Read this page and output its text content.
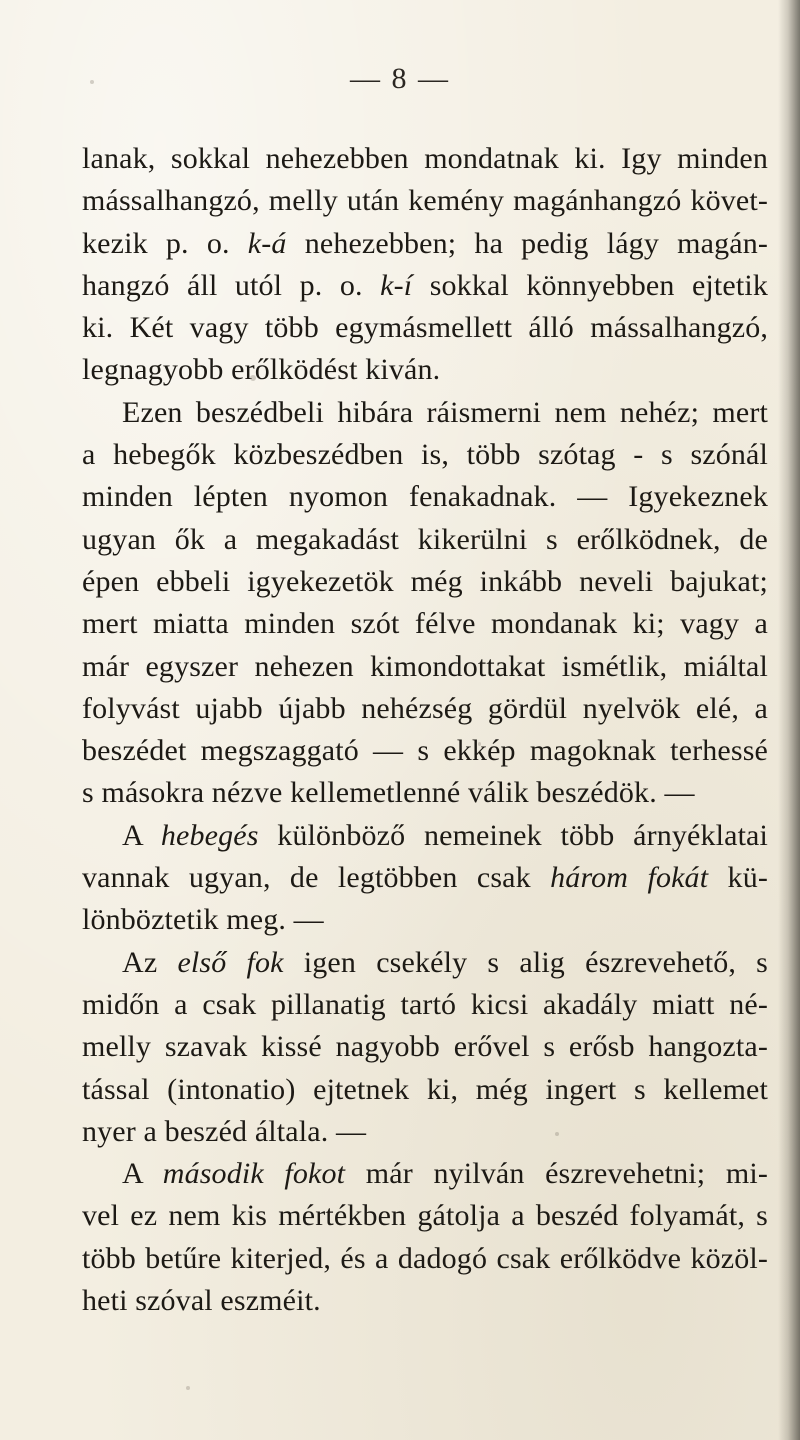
— 8 —
lanak, sokkal nehezebben mondatnak ki. Igy minden
mássalhangzó, melly után kemény magánhangzó követ-
kezik p. o. k-á nehezebben; ha pedig lágy magán-
hangzó áll utól p. o. k-í sokkal könnyebben ejtetik
ki. Két vagy több egymásmellett álló mássalhangzó,
legnagyobb erőlködést kiván.
Ezen beszédbeli hibára ráismerni nem nehéz; mert
a hebegők közbeszédben is, több szótag - s szónál
minden lépten nyomon fenakadnak. — Igyekeznek
ugyan ők a megakadást kikerülni s erőlködnek, de
épen ebbeli igyekezetök még inkább neveli bajukat;
mert miatta minden szót félve mondanak ki; vagy a
már egyszer nehezen kimondottakat ismétlik, miáltal
folyvást ujabb újabb nehézség gördül nyelvök elé, a
beszédet megszaggató — s ekkép magoknak terhessé
s másokra nézve kellemetlenné válik beszédök. —
A hebegés különböző nemeinek több árnyéklatai
vannak ugyan, de legtöbben csak három fokát kü-
lönböztetik meg. —
Az első fok igen csekély s alig észrevehető, s
midőn a csak pillanatig tartó kicsi akadály miatt né-
melly szavak kissé nagyobb erővel s erősb hangozta-
tással (intonatio) ejtetnek ki, még ingert s kellemet
nyer a beszéd általa. —
A második fokot már nyilván észrevehetni; mi-
vel ez nem kis mértékben gátolja a beszéd folyamát, s
több betűre kiterjed, és a dadogó csak erőlködve közöl-
heti szóval eszméit.
